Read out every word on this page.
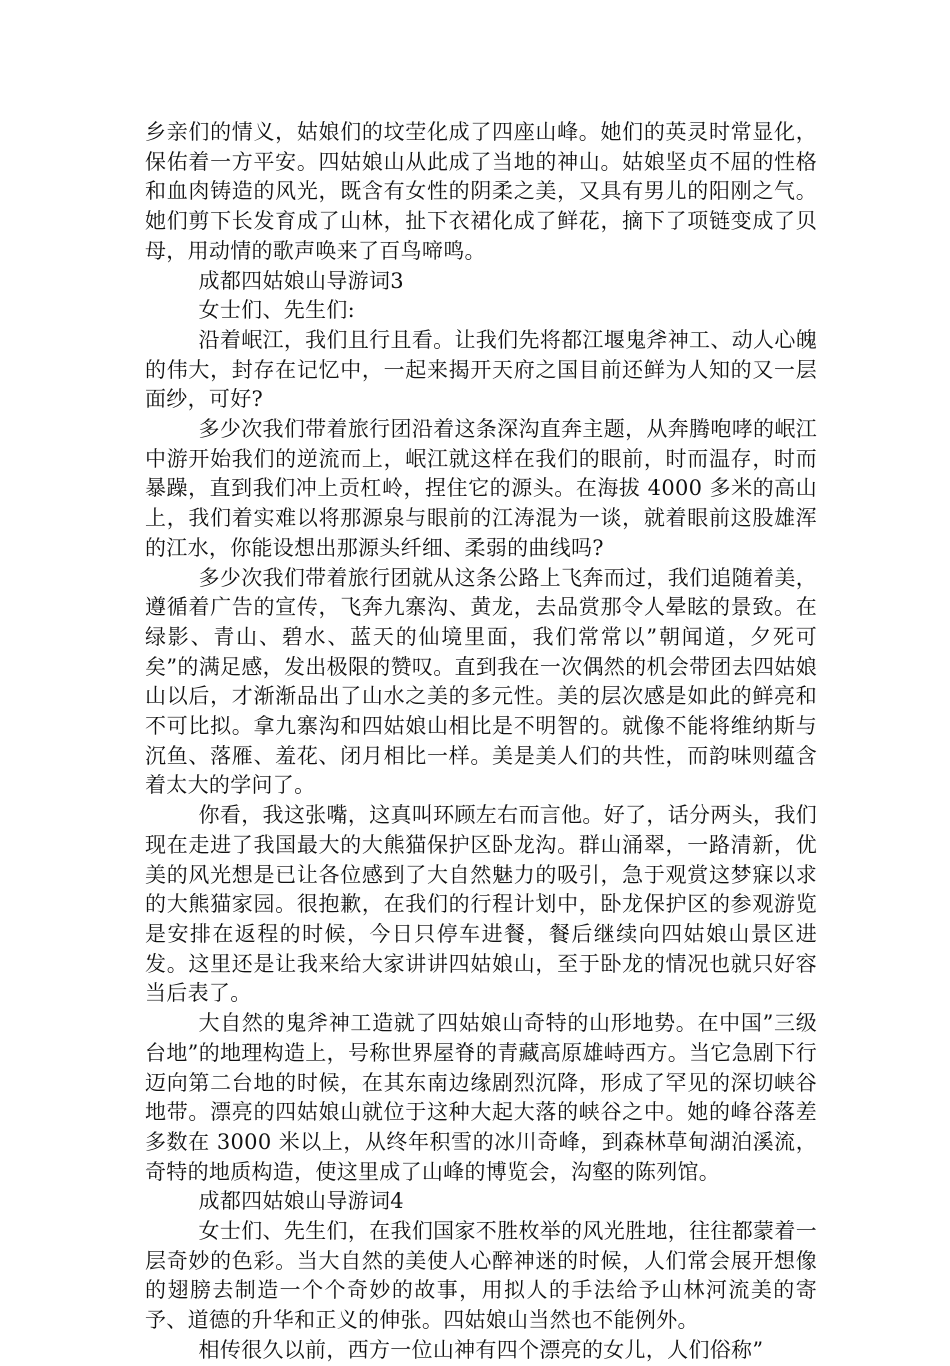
乡亲们的情义，姑娘们的坟茔化成了四座山峰。她们的英灵时常显化，保佑着一方平安。四姑娘山从此成了当地的神山。姑娘坚贞不屈的性格和血肉铸造的风光，既含有女性的阴柔之美，又具有男儿的阳刚之气。她们剪下长发育成了山林，扯下衣裙化成了鲜花，摘下了项链变成了贝母，用动情的歌声唤来了百鸟啼鸣。

成都四姑娘山导游词3

女士们、先生们:

沿着岷江，我们且行且看。让我们先将都江堰鬼斧神工、动人心魄的伟大，封存在记忆中，一起来揭开天府之国目前还鲜为人知的又一层面纱，可好?

多少次我们带着旅行团沿着这条深沟直奔主题，从奔腾咆哮的岷江中游开始我们的逆流而上，岷江就这样在我们的眼前，时而温存，时而暴躁，直到我们冲上贡杠岭，捏住它的源头。在海拔 4000 多米的高山上，我们着实难以将那源泉与眼前的江涛混为一谈，就着眼前这股雄浑的江水，你能设想出那源头纤细、柔弱的曲线吗?

多少次我们带着旅行团就从这条公路上飞奔而过，我们追随着美，遵循着广告的宣传，飞奔九寨沟、黄龙，去品赏那令人晕眩的景致。在绿影、青山、碧水、蓝天的仙境里面，我们常常以”朝闻道，夕死可矣”的满足感，发出极限的赞叹。直到我在一次偶然的机会带团去四姑娘山以后，才渐渐品出了山水之美的多元性。美的层次感是如此的鲜亮和不可比拟。拿九寨沟和四姑娘山相比是不明智的。就像不能将维纳斯与沉鱼、落雁、羞花、闭月相比一样。美是美人们的共性，而韵味则蕴含着太大的学问了。

你看，我这张嘴，这真叫环顾左右而言他。好了，话分两头，我们现在走进了我国最大的大熊猫保护区卧龙沟。群山涌翠，一路清新，优美的风光想是已让各位感到了大自然魅力的吸引，急于观赏这梦寐以求的大熊猫家园。很抱歉，在我们的行程计划中，卧龙保护区的参观游览是安排在返程的时候，今日只停车进餐，餐后继续向四姑娘山景区进发。这里还是让我来给大家讲讲四姑娘山，至于卧龙的情况也就只好容当后表了。

大自然的鬼斧神工造就了四姑娘山奇特的山形地势。在中国”三级台地”的地理构造上，号称世界屋脊的青藏高原雄峙西方。当它急剧下行迈向第二台地的时候，在其东南边缘剧烈沉降，形成了罕见的深切峡谷地带。漂亮的四姑娘山就位于这种大起大落的峡谷之中。她的峰谷落差多数在 3000 米以上，从终年积雪的冰川奇峰，到森林草甸湖泊溪流，奇特的地质构造，使这里成了山峰的博览会，沟壑的陈列馆。

成都四姑娘山导游词4

女士们、先生们，在我们国家不胜枚举的风光胜地，往往都蒙着一层奇妙的色彩。当大自然的美使人心醉神迷的时候，人们常会展开想像的翅膀去制造一个个奇妙的故事，用拟人的手法给予山林河流美的寄予、道德的升华和正义的伸张。四姑娘山当然也不能例外。

相传很久以前，西方一位山神有四个漂亮的女儿，人们俗称”
